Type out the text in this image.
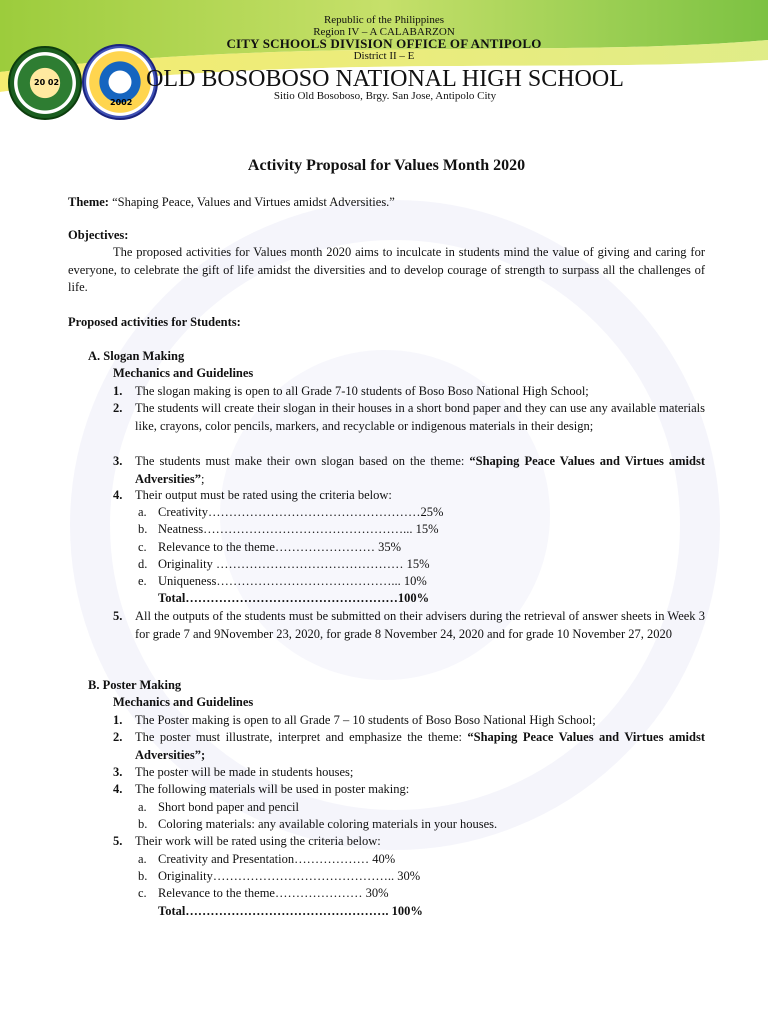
20 02
2002
Republic of the Philippines
Region IV – A CALABARZON
CITY SCHOOLS DIVISION OFFICE OF ANTIPOLO
District II – E
OLD BOSOBOSO NATIONAL HIGH SCHOOL
Sitio Old Bosoboso, Brgy. San Jose, Antipolo City
Activity Proposal for Values Month 2020
Theme: “Shaping Peace, Values and Virtues amidst Adversities.”
Objectives:
The proposed activities for Values month 2020 aims to inculcate in students mind the value of giving and caring for everyone, to celebrate the gift of life amidst the diversities and to develop courage of strength to surpass all the challenges of life.
Proposed activities for Students:
A. Slogan Making
Mechanics and Guidelines
1.	The slogan making is open to all Grade 7-10 students of Boso Boso National High School;
2.	The students will create their slogan in their houses in a short bond paper and they can use any available materials like, crayons, color pencils, markers, and recyclable or indigenous materials in their design;
3.	The students must make their own slogan based on the theme: “Shaping Peace Values and Virtues amidst Adversities”;
4.	Their output must be rated using the criteria below:
a. Creativity……………………………………………25%
b. Neatness…………………………………………... 15%
c. Relevance to the theme…………………… 35%
d. Originality ……………………………………… 15%
e. Uniqueness……………………………………... 10%
Total……………………………………………100%
5.	All the outputs of the students must be submitted on their advisers during the retrieval of answer sheets in Week 3 for grade 7 and 9November 23, 2020, for grade 8 November 24, 2020 and for grade 10 November 27, 2020
B. Poster Making
Mechanics and Guidelines
1.	The Poster making is open to all Grade 7 – 10 students of Boso Boso National High School;
2.	The poster must illustrate, interpret and emphasize the theme: “Shaping Peace Values and Virtues amidst Adversities”;
3.	The poster will be made in students houses;
4.	The following materials will be used in poster making:
a. Short bond paper and pencil
b. Coloring materials: any available coloring materials in your houses.
5.	Their work will be rated using the criteria below:
a. Creativity and Presentation……………… 40%
b. Originality…………………………………….. 30%
c. Relevance to the theme………………… 30%
Total…………………………………………. 100%
